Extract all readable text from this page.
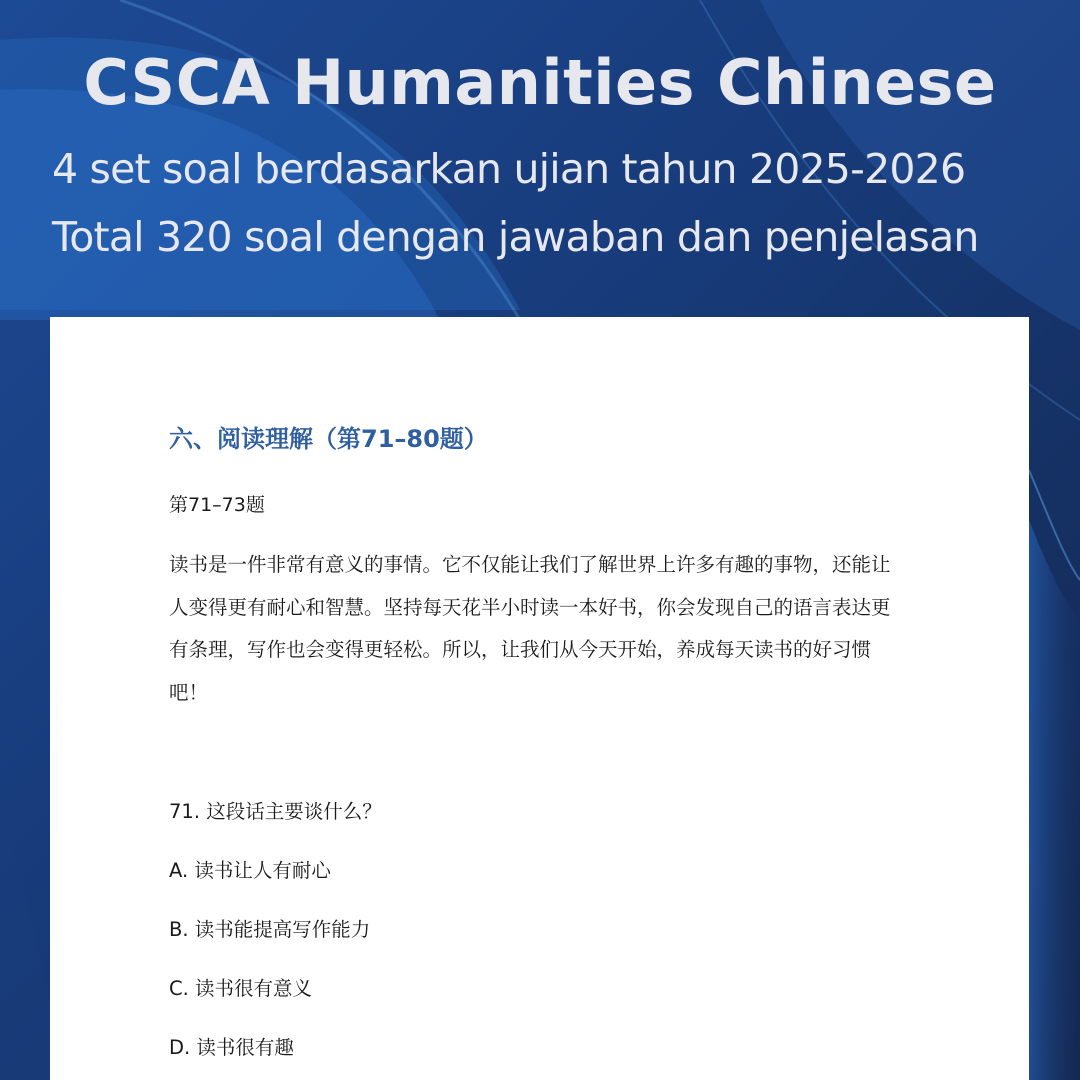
CSCA Humanities Chinese
4 set soal berdasarkan ujian tahun 2025-2026
Total 320 soal dengan jawaban dan penjelasan
六、阅读理解（第71–80题）
第71–73题
读书是一件非常有意义的事情。它不仅能让我们了解世界上许多有趣的事物，还能让人变得更有耐心和智慧。坚持每天花半小时读一本好书，你会发现自己的语言表达更有条理，写作也会变得更轻松。所以，让我们从今天开始，养成每天读书的好习惯吧！
71. 这段话主要谈什么？
A. 读书让人有耐心
B. 读书能提高写作能力
C. 读书很有意义
D. 读书很有趣
